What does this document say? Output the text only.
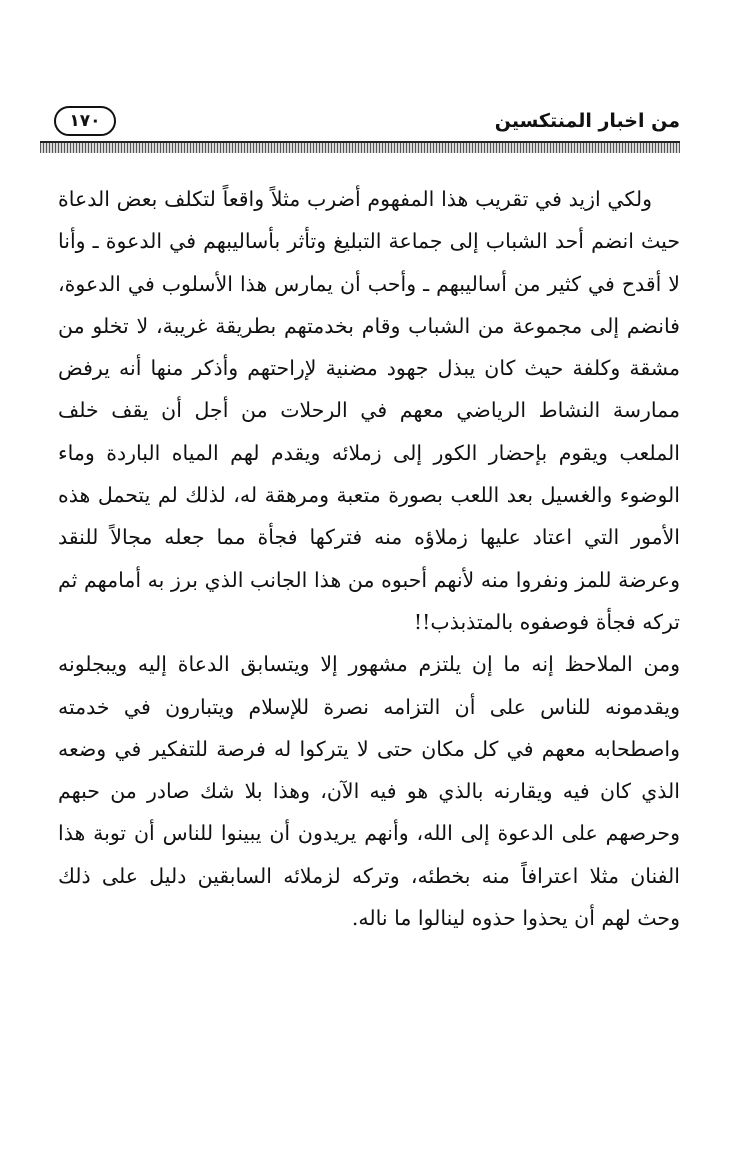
١٧٠	من اخبار المنتكسين

ولكي ازيد في تقريب هذا المفهوم أضرب مثلاً واقعاً لتكلف بعض الدعاة حيث انضم أحد الشباب إلى جماعة التبليغ وتأثر بأساليبهم في الدعوة ـ وأنا لا أقدح في كثير من أساليبهم ـ وأحب أن يمارس هذا الأسلوب في الدعوة، فانضم إلى مجموعة من الشباب وقام بخدمتهم بطريقة غريبة، لا تخلو من مشقة وكلفة حيث كان يبذل جهود مضنية لإراحتهم وأذكر منها أنه يرفض ممارسة النشاط الرياضي معهم في الرحلات من أجل أن يقف خلف الملعب ويقوم بإحضار الكور إلى زملائه ويقدم لهم المياه الباردة وماء الوضوء والغسيل بعد اللعب بصورة متعبة ومرهقة له، لذلك لم يتحمل هذه الأمور التي اعتاد عليها زملاؤه منه فتركها فجأة مما جعله مجالاً للنقد وعرضة للمز ونفروا منه لأنهم أحبوه من هذا الجانب الذي برز به أمامهم ثم تركه فجأة فوصفوه بالمتذبذب!!

ومن الملاحظ إنه ما إن يلتزم مشهور إلا ويتسابق الدعاة إليه ويبجلونه ويقدمونه للناس على أن التزامه نصرة للإسلام ويتبارون في خدمته واصطحابه معهم في كل مكان حتى لا يتركوا له فرصة للتفكير في وضعه الذي كان فيه ويقارنه بالذي هو فيه الآن، وهذا بلا شك صادر من حبهم وحرصهم على الدعوة إلى الله، وأنهم يريدون أن يبينوا للناس أن توبة هذا الفنان مثلا اعترافاً منه بخطئه، وتركه لزملائه السابقين دليل على ذلك وحث لهم أن يحذوا حذوه لينالوا ما ناله.
